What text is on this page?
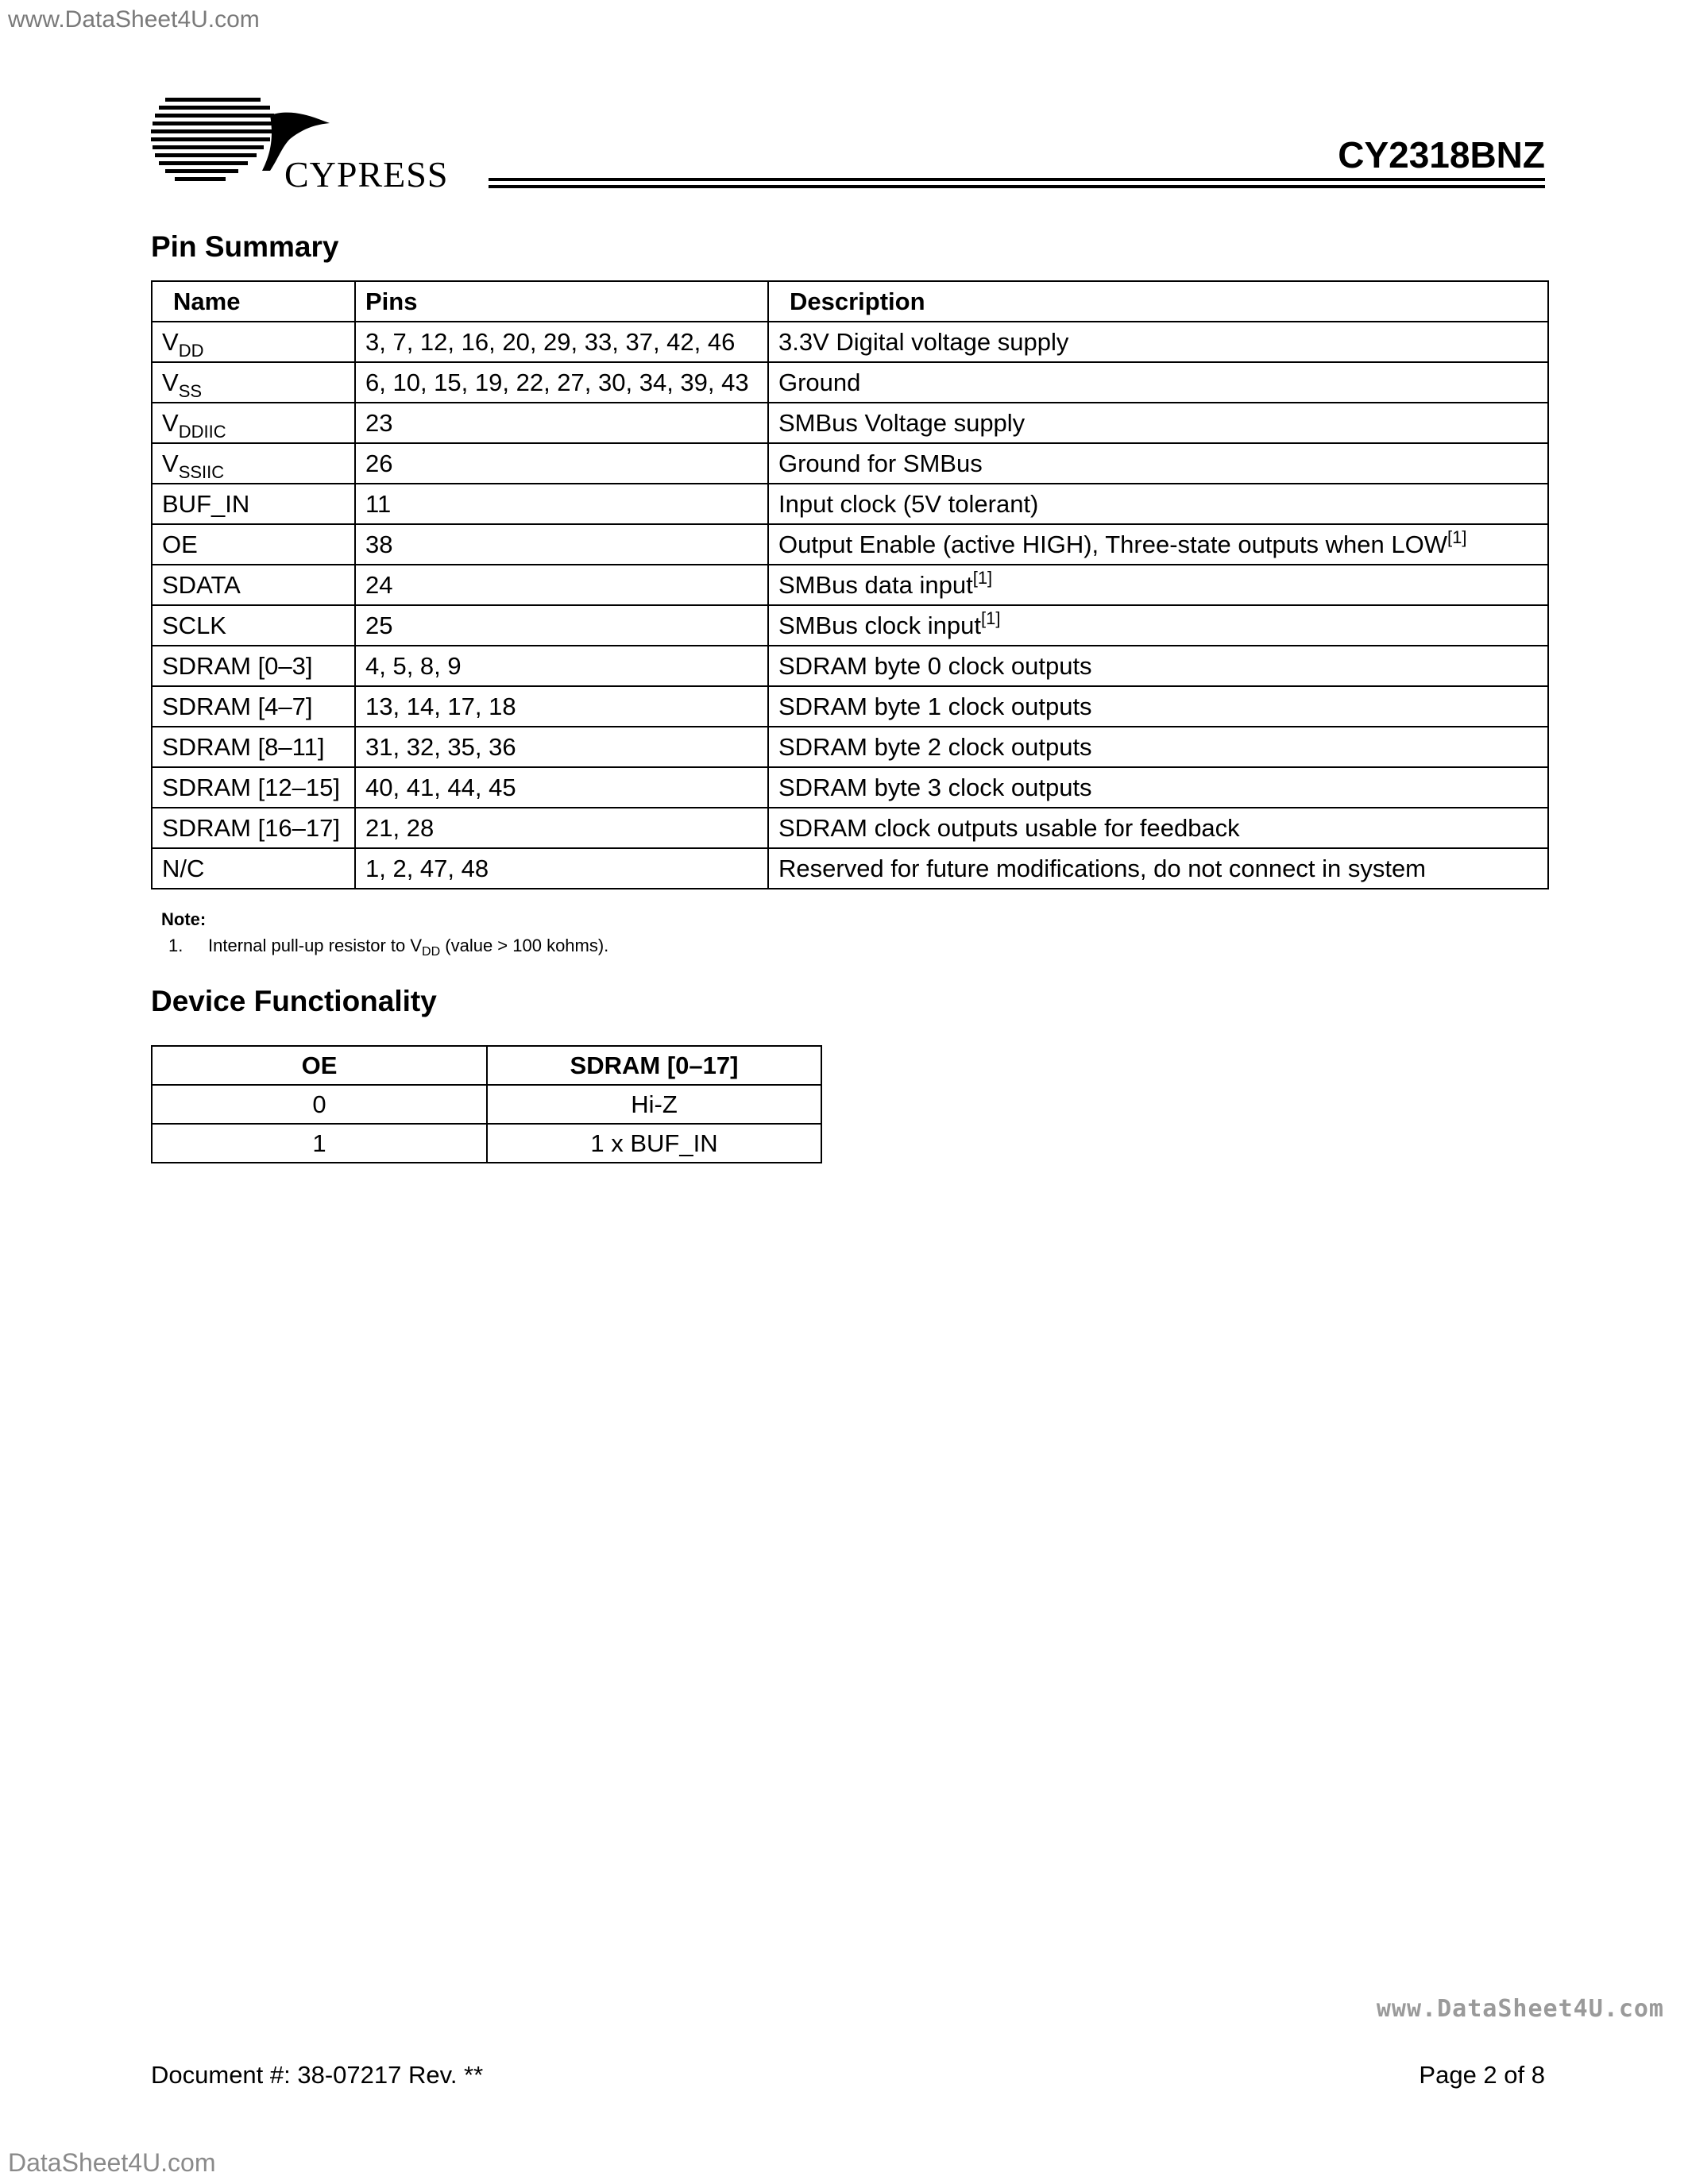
www.DataSheet4U.com
CYPRESS	CY2318BNZ
Pin Summary
Name	Pins	Description
$V_{DD}$	3, 7, 12, 16, 20, 29, 33, 37, 42, 46	3.3V Digital voltage supply
$V_{SS}$	6, 10, 15, 19, 22, 27, 30, 34, 39, 43	Ground
$V_{DDIIC}$	23	SMBus Voltage supply
$V_{SSIIC}$	26	Ground for SMBus
BUF_IN	11	Input clock (5V tolerant)
OE	38	Output Enable (active HIGH), Three-state outputs when LOW[1]
SDATA	24	SMBus data input[1]
SCLK	25	SMBus clock input[1]
SDRAM [0–3]	4, 5, 8, 9	SDRAM byte 0 clock outputs
SDRAM [4–7]	13, 14, 17, 18	SDRAM byte 1 clock outputs
SDRAM [8–11]	31, 32, 35, 36	SDRAM byte 2 clock outputs
SDRAM [12–15]	40, 41, 44, 45	SDRAM byte 3 clock outputs
SDRAM [16–17]	21, 28	SDRAM clock outputs usable for feedback
N/C	1, 2, 47, 48	Reserved for future modifications, do not connect in system
Note:
1. Internal pull-up resistor to $V_{DD}$ (value > 100 kohms).
Device Functionality
OE	SDRAM [0–17]
0	Hi-Z
1	1 x BUF_IN
www.DataSheet4U.com
Document #: 38-07217 Rev. **	Page 2 of 8
DataSheet4U.com
